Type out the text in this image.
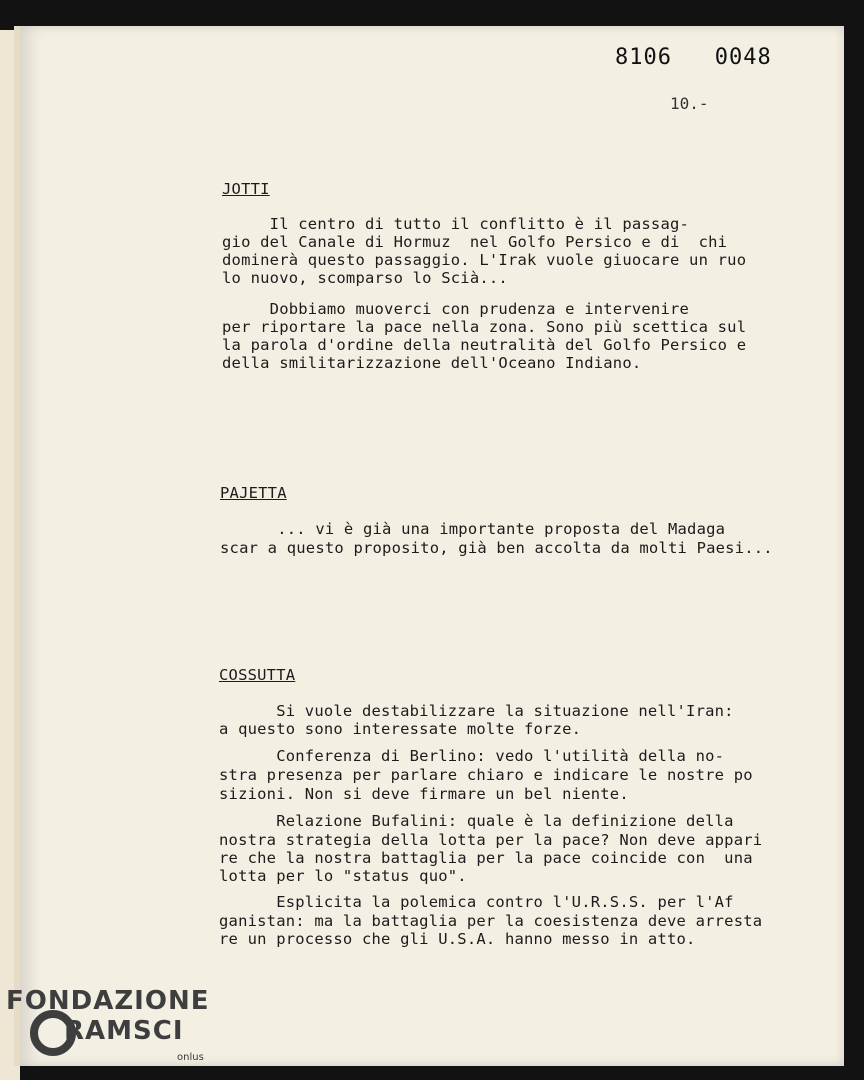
8106   0048
10.-
JOTTI
Il centro di tutto il conflitto è il passag-
gio del Canale di Hormuz  nel Golfo Persico e di  chi
dominerà questo passaggio. L'Irak vuole giuocare un ruo
lo nuovo, scomparso lo Scià...
Dobbiamo muoverci con prudenza e intervenire
per riportare la pace nella zona. Sono più scettica sul
la parola d'ordine della neutralità del Golfo Persico e
della smilitarizzazione dell'Oceano Indiano.
PAJETTA
... vi è già una importante proposta del Madaga
scar a questo proposito, già ben accolta da molti Paesi...
COSSUTTA
Si vuole destabilizzare la situazione nell'Iran:
a questo sono interessate molte forze.
Conferenza di Berlino: vedo l'utilità della no-
stra presenza per parlare chiaro e indicare le nostre po
sizioni. Non si deve firmare un bel niente.
Relazione Bufalini: quale è la definizione della
nostra strategia della lotta per la pace? Non deve appari
re che la nostra battaglia per la pace coincide con  una
lotta per lo "status quo".
Esplicita la polemica contro l'U.R.S.S. per l'Af
ganistan: ma la battaglia per la coesistenza deve arresta
re un processo che gli U.S.A. hanno messo in atto.
FONDAZIONE
RAMSCI
onlus
